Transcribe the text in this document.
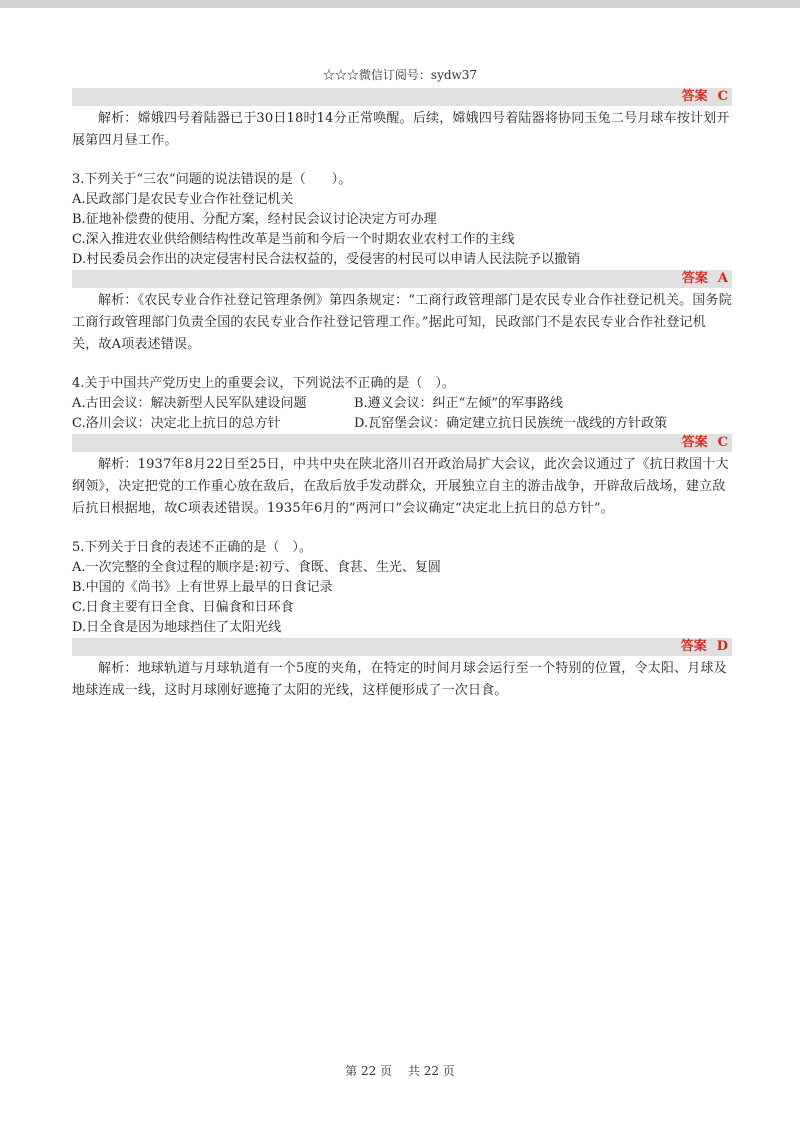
☆☆☆微信订阅号：sydw37
答案 C

解析：嫦娥四号着陆器已于30日18时14分正常唤醒。后续，嫦娥四号着陆器将协同玉兔二号月球车按计划开展第四月昼工作。

3.下列关于“三农”问题的说法错误的是（　　）。
A.民政部门是农民专业合作社登记机关
B.征地补偿费的使用、分配方案，经村民会议讨论决定方可办理
C.深入推进农业供给侧结构性改革是当前和今后一个时期农业农村工作的主线
D.村民委员会作出的决定侵害村民合法权益的，受侵害的村民可以申请人民法院予以撤销
答案 A

解析：《农民专业合作社登记管理条例》第四条规定：“工商行政管理部门是农民专业合作社登记机关。国务院工商行政管理部门负责全国的农民专业合作社登记管理工作。”据此可知，民政部门不是农民专业合作社登记机关，故A项表述错误。

4.关于中国共产党历史上的重要会议，下列说法不正确的是（　）。
A.古田会议：解决新型人民军队建设问题	B.遵义会议：纠正“左倾”的军事路线
C.洛川会议：决定北上抗日的总方针	D.瓦窑堡会议：确定建立抗日民族统一战线的方针政策
答案 C

解析：1937年8月22日至25日，中共中央在陕北洛川召开政治局扩大会议，此次会议通过了《抗日救国十大纲领》，决定把党的工作重心放在敌后，在敌后放手发动群众，开展独立自主的游击战争，开辟敌后战场，建立敌后抗日根据地，故C项表述错误。1935年6月的“两河口”会议确定“决定北上抗日的总方针”。

5.下列关于日食的表述不正确的是（　）。
A.一次完整的全食过程的顺序是:初亏、食既、食甚、生光、复圆
B.中国的《尚书》上有世界上最早的日食记录
C.日食主要有日全食、日偏食和日环食
D.日全食是因为地球挡住了太阳光线
答案 D

解析：地球轨道与月球轨道有一个5度的夹角，在特定的时间月球会运行至一个特别的位置，令太阳、月球及地球连成一线，这时月球刚好遮掩了太阳的光线，这样便形成了一次日食。

第 22 页 共 22 页
